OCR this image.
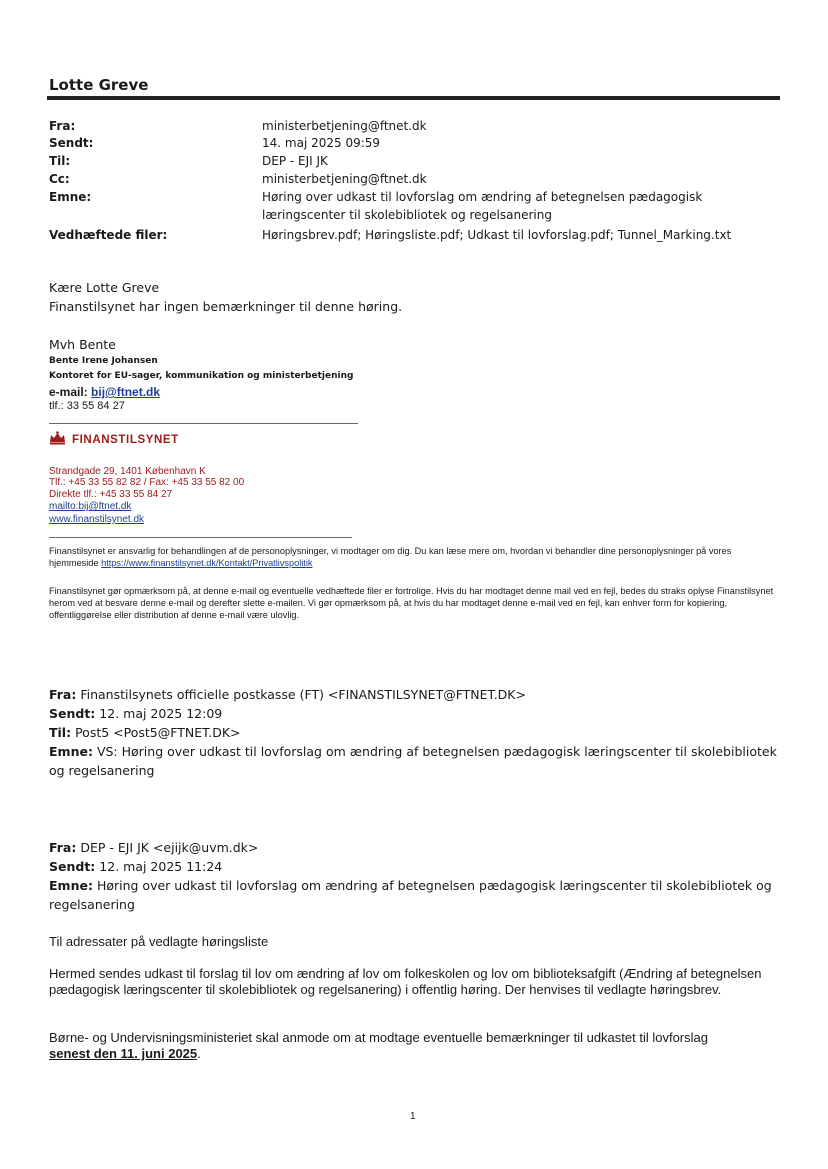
Lotte Greve
Fra:	ministerbetjening@ftnet.dk
Sendt:	14. maj 2025 09:59
Til:	DEP - EJI JK
Cc:	ministerbetjening@ftnet.dk
Emne:	Høring over udkast til lovforslag om ændring af betegnelsen pædagogisk
læringscenter til skolebibliotek og regelsanering
Vedhæftede filer:	Høringsbrev.pdf; Høringsliste.pdf; Udkast til lovforslag.pdf; Tunnel_Marking.txt
Kære Lotte Greve
Finanstilsynet har ingen bemærkninger til denne høring.
Mvh Bente
Bente Irene Johansen
Kontoret for EU-sager, kommunikation og ministerbetjening
e-mail: bij@ftnet.dk
tlf.: 33 55 84 27
FINANSTILSYNET
Strandgade 29, 1401 København K
Tlf.: +45 33 55 82 82 / Fax: +45 33 55 82 00
Direkte tlf.: +45 33 55 84 27
mailto:bij@ftnet.dk
www.finanstilsynet.dk
Finanstilsynet er ansvarlig for behandlingen af de personoplysninger, vi modtager om dig. Du kan læse mere om, hvordan vi behandler dine personoplysninger på vores hjemmeside https://www.finanstilsynet.dk/Kontakt/Privatlivspolitik
Finanstilsynet gør opmærksom på, at denne e-mail og eventuelle vedhæftede filer er fortrolige. Hvis du har modtaget denne mail ved en fejl, bedes du straks oplyse Finanstilsynet herom ved at besvare denne e-mail og derefter slette e-mailen. Vi gør opmærksom på, at hvis du har modtaget denne e-mail ved en fejl, kan enhver form for kopiering, offentliggørelse eller distribution af denne e-mail være ulovlig.
Fra: Finanstilsynets officielle postkasse (FT) <FINANSTILSYNET@FTNET.DK>
Sendt: 12. maj 2025 12:09
Til: Post5 <Post5@FTNET.DK>
Emne: VS: Høring over udkast til lovforslag om ændring af betegnelsen pædagogisk læringscenter til skolebibliotek og regelsanering
Fra: DEP - EJI JK <ejijk@uvm.dk>
Sendt: 12. maj 2025 11:24
Emne: Høring over udkast til lovforslag om ændring af betegnelsen pædagogisk læringscenter til skolebibliotek og regelsanering
Til adressater på vedlagte høringsliste
Hermed sendes udkast til forslag til lov om ændring af lov om folkeskolen og lov om biblioteksafgift (Ændring af betegnelsen pædagogisk læringscenter til skolebibliotek og regelsanering) i offentlig høring. Der henvises til vedlagte høringsbrev.
Børne- og Undervisningsministeriet skal anmode om at modtage eventuelle bemærkninger til udkastet til lovforslag
senest den 11. juni 2025.
1
